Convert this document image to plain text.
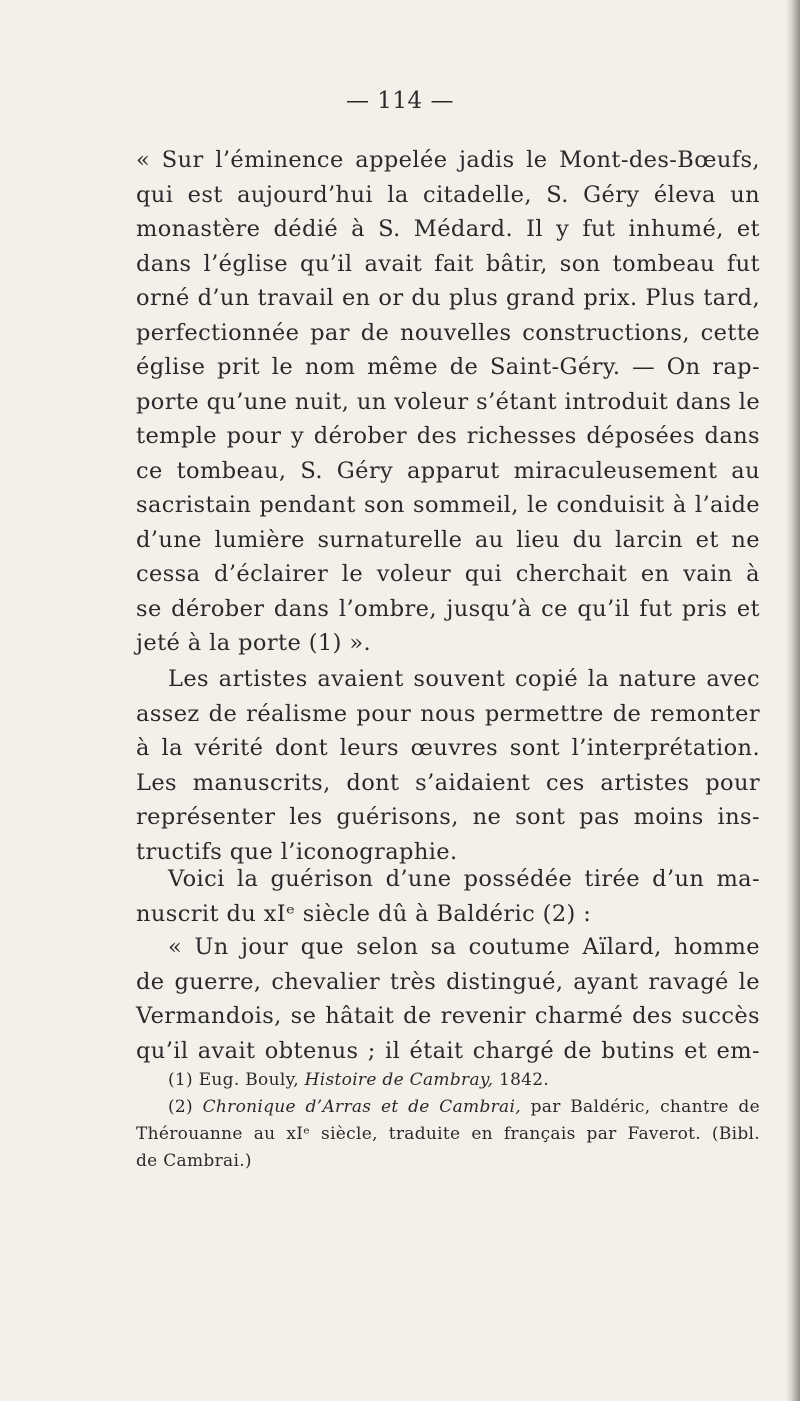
— 114 —
« Sur l’éminence appelée jadis le Mont-des-Bœufs,
qui est aujourd’hui la citadelle, S. Géry éleva un
monastère dédié à S. Médard. Il y fut inhumé, et
dans l’église qu’il avait fait bâtir, son tombeau fut
orné d’un travail en or du plus grand prix. Plus tard,
perfectionnée par de nouvelles constructions, cette
église prit le nom même de Saint-Géry. — On rap-
porte qu’une nuit, un voleur s’étant introduit dans le
temple pour y dérober des richesses déposées dans
ce tombeau, S. Géry apparut miraculeusement au
sacristain pendant son sommeil, le conduisit à l’aide
d’une lumière surnaturelle au lieu du larcin et ne
cessa d’éclairer le voleur qui cherchait en vain à
se dérober dans l’ombre, jusqu’à ce qu’il fut pris et
jeté à la porte (1) ».
Les artistes avaient souvent copié la nature avec
assez de réalisme pour nous permettre de remonter
à la vérité dont leurs œuvres sont l’interprétation.
Les manuscrits, dont s’aidaient ces artistes pour
représenter les guérisons, ne sont pas moins ins-
tructifs que l’iconographie.
Voici la guérison d’une possédée tirée d’un ma-
nuscrit du xIᵉ siècle dû à Baldéric (2) :
« Un jour que selon sa coutume Aïlard, homme
de guerre, chevalier très distingué, ayant ravagé le
Vermandois, se hâtait de revenir charmé des succès
qu’il avait obtenus ; il était chargé de butins et em-
(1) Eug. Bouly, Histoire de Cambray, 1842.
(2) Chronique d’Arras et de Cambrai, par Baldéric, chantre de
Thérouanne au xIᵉ siècle, traduite en français par Faverot. (Bibl.
de Cambrai.)
